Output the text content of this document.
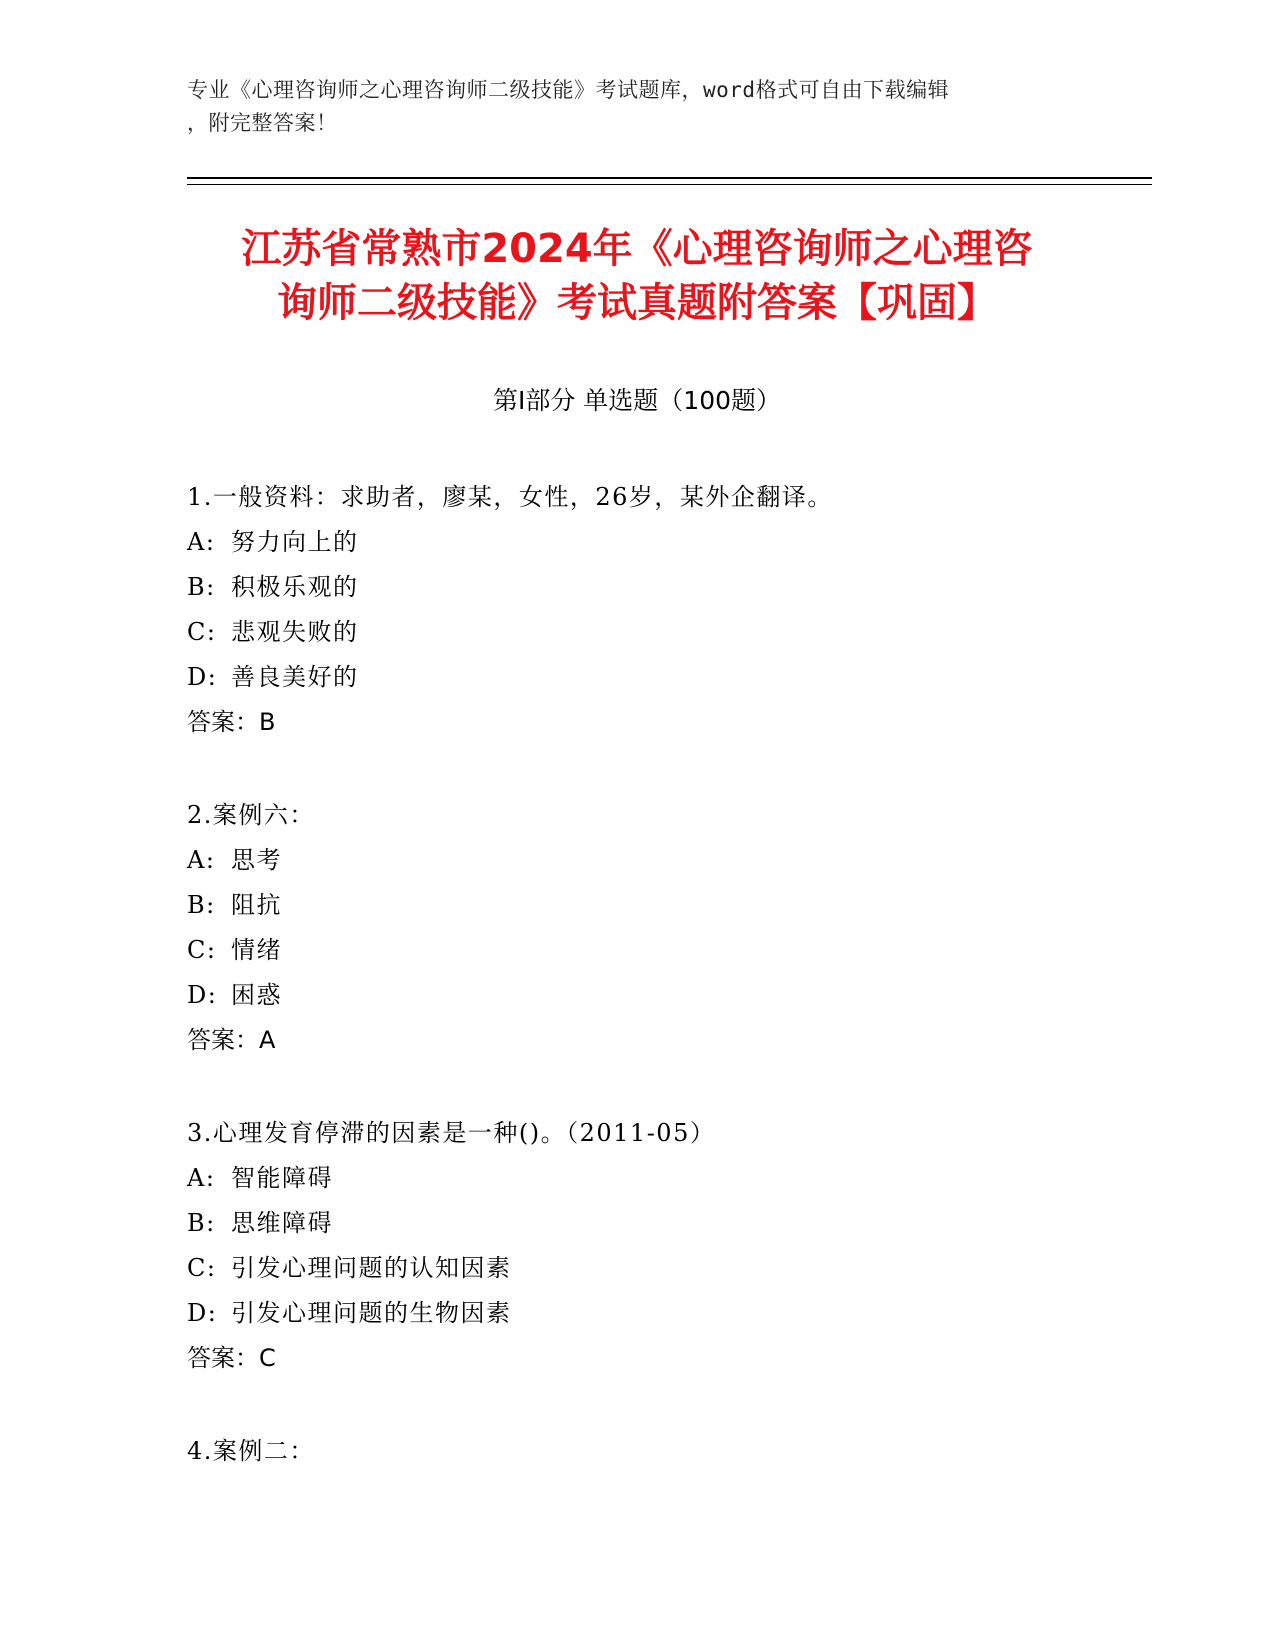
专业《心理咨询师之心理咨询师二级技能》考试题库，word格式可自由下载编辑
，附完整答案！
江苏省常熟市2024年《心理咨询师之心理咨
询师二级技能》考试真题附答案【巩固】
第Ⅰ部分 单选题（100题）
1.一般资料：求助者，廖某，女性，26岁，某外企翻译。
A: 努力向上的
B: 积极乐观的
C: 悲观失败的
D: 善良美好的
答案：B
2.案例六：
A: 思考
B: 阻抗
C: 情绪
D: 困惑
答案：A
3.心理发育停滞的因素是一种()。（2011-05）
A: 智能障碍
B: 思维障碍
C: 引发心理问题的认知因素
D: 引发心理问题的生物因素
答案：C
4.案例二：
